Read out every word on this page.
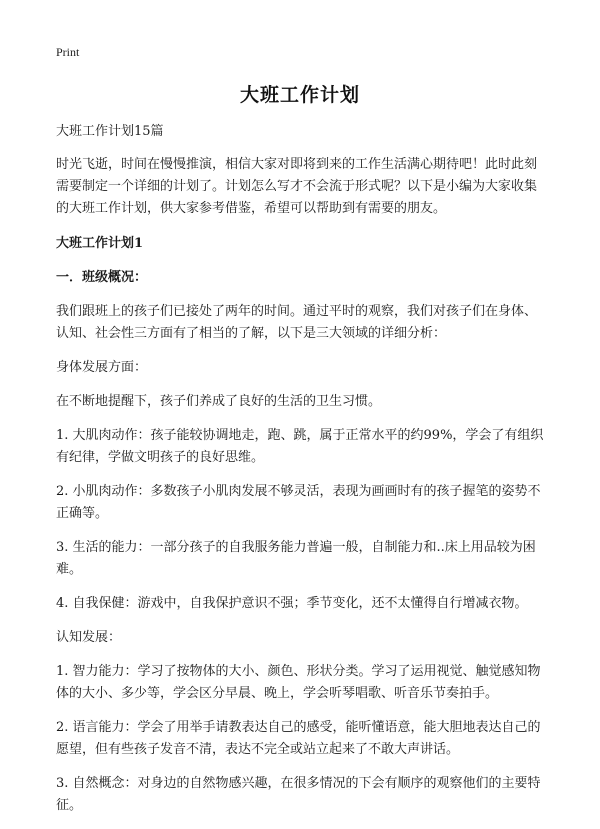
Print
大班工作计划

大班工作计划15篇

时光飞逝，时间在慢慢推演，相信大家对即将到来的工作生活满心期待吧！此时此刻需要制定一个详细的计划了。计划怎么写才不会流于形式呢？以下是小编为大家收集的大班工作计划，供大家参考借鉴，希望可以帮助到有需要的朋友。

大班工作计划1

一．班级概况：

我们跟班上的孩子们已接处了两年的时间。通过平时的观察，我们对孩子们在身体、认知、社会性三方面有了相当的了解，以下是三大领域的详细分析：

身体发展方面：

在不断地提醒下，孩子们养成了良好的生活的卫生习惯。

1. 大肌肉动作：孩子能较协调地走，跑、跳，属于正常水平的约99%，学会了有组织有纪律，学做文明孩子的良好思维。

2. 小肌肉动作：多数孩子小肌肉发展不够灵活，表现为画画时有的孩子握笔的姿势不正确等。

3. 生活的能力：一部分孩子的自我服务能力普遍一般，自制能力和..床上用品较为困难。

4. 自我保健：游戏中，自我保护意识不强；季节变化，还不太懂得自行增减衣物。

认知发展：

1. 智力能力：学习了按物体的大小、颜色、形状分类。学习了运用视觉、触觉感知物体的大小、多少等，学会区分早晨、晚上，学会听琴唱歌、听音乐节奏拍手。

2. 语言能力：学会了用举手请教表达自己的感受，能听懂语意，能大胆地表达自己的愿望，但有些孩子发音不清，表达不完全或站立起来了不敢大声讲话。

3. 自然概念：对身边的自然物感兴趣，在很多情况的下会有顺序的观察他们的主要特征。
